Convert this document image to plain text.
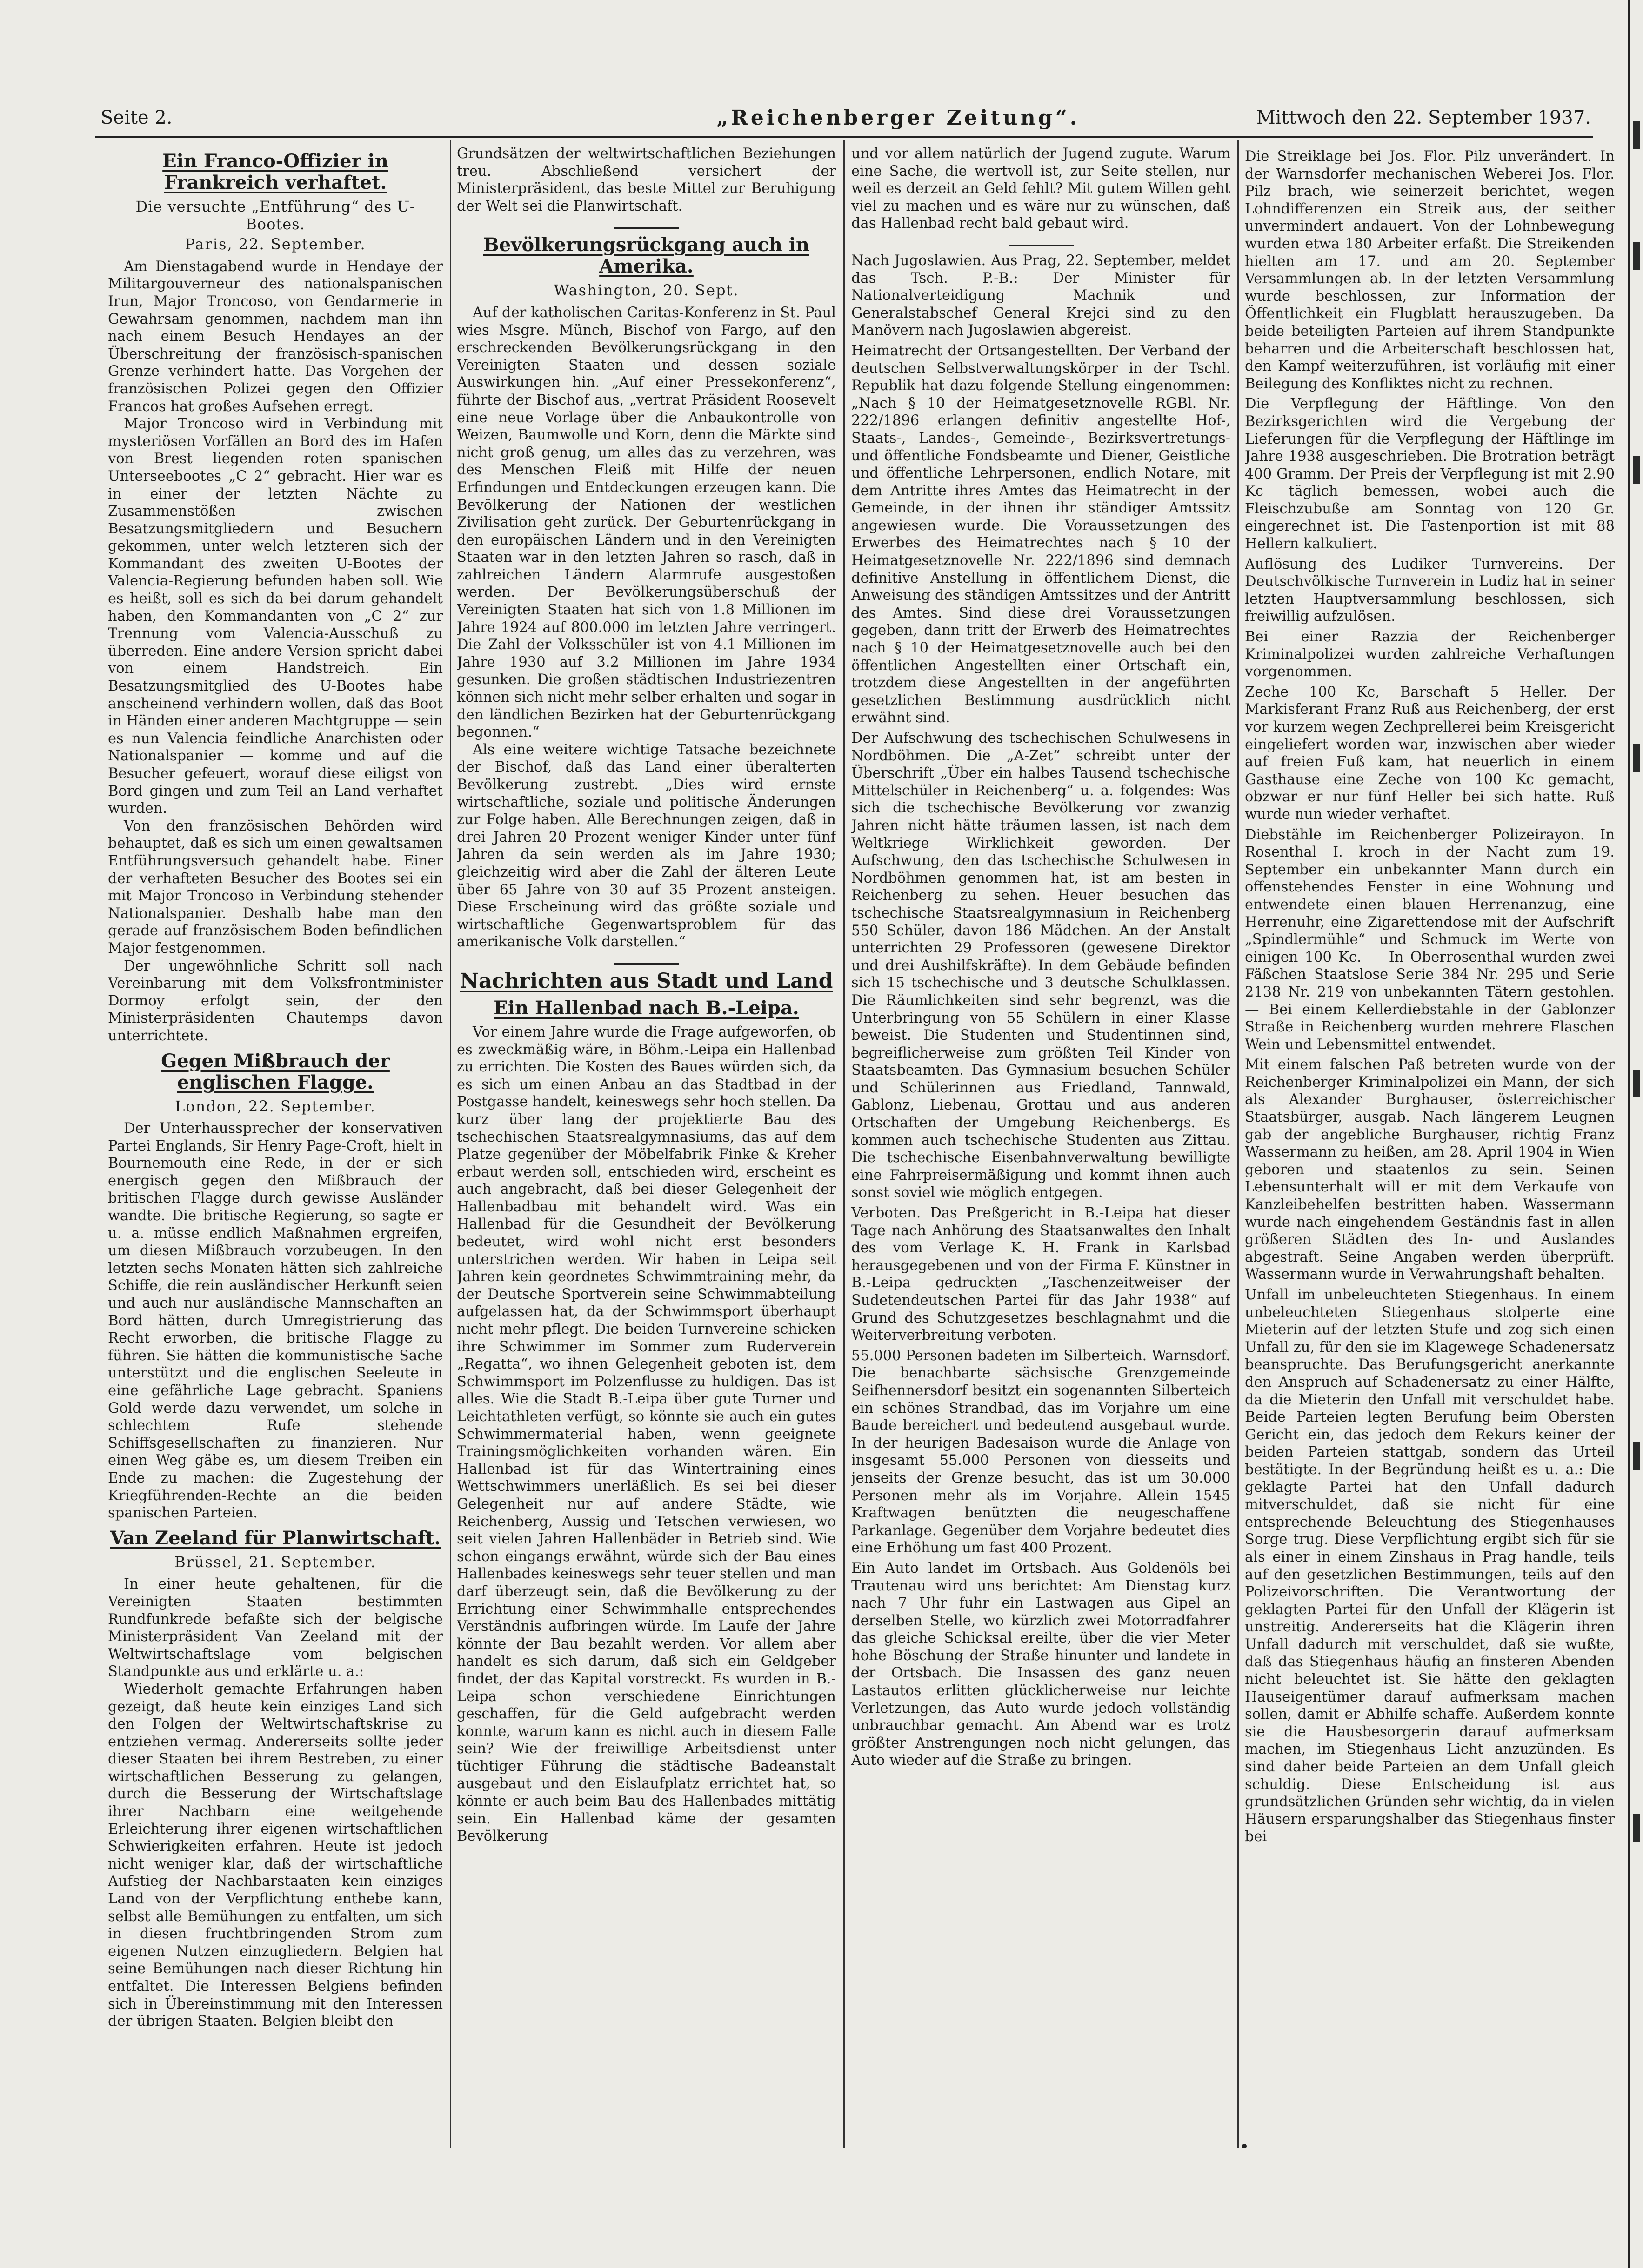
Seite 2.	„Reichenberger Zeitung“.	Mittwoch den 22. September 1937.
Ein Franco-Offizier in Frankreich verhaftet.
Die versuchte „Entführung“ des U-Bootes.
Paris, 22. September.

Am Dienstagabend wurde in Hendaye der Militargouverneur des nationalspanischen Irun, Major Troncoso, von Gendarmerie in Gewahrsam genommen, nachdem man ihn nach einem Besuch Hendayes an der Überschreitung der französisch-spanischen Grenze verhindert hatte. Das Vorgehen der französischen Polizei gegen den Offizier Francos hat großes Aufsehen erregt.

Major Troncoso wird in Verbindung mit mysteriösen Vorfällen an Bord des im Hafen von Brest liegenden roten spanischen Unterseebootes „C 2“ gebracht. Hier war es in einer der letzten Nächte zu Zusammenstößen zwischen Besatzungsmitgliedern und Besuchern gekommen, unter welch letzteren sich der Kommandant des zweiten U-Bootes der Valencia-Regierung befunden haben soll. Wie es heißt, soll es sich da bei darum gehandelt haben, den Kommandanten von „C 2“ zur Trennung vom Valencia-Ausschuß zu überreden. Eine andere Version spricht dabei von einem Handstreich. Ein Besatzungsmitglied des U-Bootes habe anscheinend verhindern wollen, daß das Boot in Händen einer anderen Machtgruppe — sein es nun Valencia feindliche Anarchisten oder Nationalspanier — komme und auf die Besucher gefeuert, worauf diese eiligst von Bord gingen und zum Teil an Land verhaftet wurden.

Von den französischen Behörden wird behauptet, daß es sich um einen gewaltsamen Entführungsversuch gehandelt habe. Einer der verhafteten Besucher des Bootes sei ein mit Major Troncoso in Verbindung stehender Nationalspanier. Deshalb habe man den gerade auf französischem Boden befindlichen Major festgenommen.

Der ungewöhnliche Schritt soll nach Vereinbarung mit dem Volksfrontminister Dormoy erfolgt sein, der den Ministerpräsidenten Chautemps davon unterrichtete.

Gegen Mißbrauch der englischen Flagge.
London, 22. September.

Der Unterhaussprecher der konservativen Partei Englands, Sir Henry Page-Croft, hielt in Bournemouth eine Rede, in der er sich energisch gegen den Mißbrauch der britischen Flagge durch gewisse Ausländer wandte. Die britische Regierung, so sagte er u. a. müsse endlich Maßnahmen ergreifen, um diesen Mißbrauch vorzubeugen. In den letzten sechs Monaten hätten sich zahlreiche Schiffe, die rein ausländischer Herkunft seien und auch nur ausländische Mannschaften an Bord hätten, durch Umregistrierung das Recht erworben, die britische Flagge zu führen. Sie hätten die kommunistische Sache unterstützt und die englischen Seeleute in eine gefährliche Lage gebracht. Spaniens Gold werde dazu verwendet, um solche in schlechtem Rufe stehende Schiffsgesellschaften zu finanzieren. Nur einen Weg gäbe es, um diesem Treiben ein Ende zu machen: die Zugestehung der Kriegführenden-Rechte an die beiden spanischen Parteien.

Van Zeeland für Planwirtschaft.
Brüssel, 21. September.

In einer heute gehaltenen, für die Vereinigten Staaten bestimmten Rundfunkrede befaßte sich der belgische Ministerpräsident Van Zeeland mit der Weltwirtschaftslage vom belgischen Standpunkte aus und erklärte u. a.:

Wiederholt gemachte Erfahrungen haben gezeigt, daß heute kein einziges Land sich den Folgen der Weltwirtschaftskrise zu entziehen vermag. Andererseits sollte jeder dieser Staaten bei ihrem Bestreben, zu einer wirtschaftlichen Besserung zu gelangen, durch die Besserung der Wirtschaftslage ihrer Nachbarn eine weitgehende Erleichterung ihrer eigenen wirtschaftlichen Schwierigkeiten erfahren. Heute ist jedoch nicht weniger klar, daß der wirtschaftliche Aufstieg der Nachbarstaaten kein einziges Land von der Verpflichtung enthebe kann, selbst alle Bemühungen zu entfalten, um sich in diesen fruchtbringenden Strom zum eigenen Nutzen einzugliedern. Belgien hat seine Bemühungen nach dieser Richtung hin entfaltet. Die Interessen Belgiens befinden sich in Übereinstimmung mit den Interessen der übrigen Staaten. Belgien bleibt den

Grundsätzen der weltwirtschaftlichen Beziehungen treu. Abschließend versichert der Ministerpräsident, das beste Mittel zur Beruhigung der Welt sei die Planwirtschaft.

Bevölkerungsrückgang auch in Amerika.
Washington, 20. Sept.

Auf der katholischen Caritas-Konferenz in St. Paul wies Msgre. Münch, Bischof von Fargo, auf den erschreckenden Bevölkerungsrückgang in den Vereinigten Staaten und dessen soziale Auswirkungen hin. „Auf einer Pressekonferenz“, führte der Bischof aus, „vertrat Präsident Roosevelt eine neue Vorlage über die Anbaukontrolle von Weizen, Baumwolle und Korn, denn die Märkte sind nicht groß genug, um alles das zu verzehren, was des Menschen Fleiß mit Hilfe der neuen Erfindungen und Entdeckungen erzeugen kann. Die Bevölkerung der Nationen der westlichen Zivilisation geht zurück. Der Geburtenrückgang in den europäischen Ländern und in den Vereinigten Staaten war in den letzten Jahren so rasch, daß in zahlreichen Ländern Alarmrufe ausgestoßen werden. Der Bevölkerungsüberschuß der Vereinigten Staaten hat sich von 1.8 Millionen im Jahre 1924 auf 800.000 im letzten Jahre verringert. Die Zahl der Volksschüler ist von 4.1 Millionen im Jahre 1930 auf 3.2 Millionen im Jahre 1934 gesunken. Die großen städtischen Industriezentren können sich nicht mehr selber erhalten und sogar in den ländlichen Bezirken hat der Geburtenrückgang begonnen.“

Als eine weitere wichtige Tatsache bezeichnete der Bischof, daß das Land einer überalterten Bevölkerung zustrebt. „Dies wird ernste wirtschaftliche, soziale und politische Änderungen zur Folge haben. Alle Berechnungen zeigen, daß in drei Jahren 20 Prozent weniger Kinder unter fünf Jahren da sein werden als im Jahre 1930; gleichzeitig wird aber die Zahl der älteren Leute über 65 Jahre von 30 auf 35 Prozent ansteigen. Diese Erscheinung wird das größte soziale und wirtschaftliche Gegenwartsproblem für das amerikanische Volk darstellen.“

Nachrichten aus Stadt und Land
Ein Hallenbad nach B.-Leipa.

Vor einem Jahre wurde die Frage aufgeworfen, ob es zweckmäßig wäre, in Böhm.-Leipa ein Hallenbad zu errichten. Die Kosten des Baues würden sich, da es sich um einen Anbau an das Stadtbad in der Postgasse handelt, keineswegs sehr hoch stellen. Da kurz über lang der projektierte Bau des tschechischen Staatsrealgymnasiums, das auf dem Platze gegenüber der Möbelfabrik Finke & Kreher erbaut werden soll, entschieden wird, erscheint es auch angebracht, daß bei dieser Gelegenheit der Hallenbadbau mit behandelt wird. Was ein Hallenbad für die Gesundheit der Bevölkerung bedeutet, wird wohl nicht erst besonders unterstrichen werden. Wir haben in Leipa seit Jahren kein geordnetes Schwimmtraining mehr, da der Deutsche Sportverein seine Schwimmabteilung aufgelassen hat, da der Schwimmsport überhaupt nicht mehr pflegt. Die beiden Turnvereine schicken ihre Schwimmer im Sommer zum Ruderverein „Regatta“, wo ihnen Gelegenheit geboten ist, dem Schwimmsport im Polzenflusse zu huldigen. Das ist alles. Wie die Stadt B.-Leipa über gute Turner und Leichtathleten verfügt, so könnte sie auch ein gutes Schwimmermaterial haben, wenn geeignete Trainingsmöglichkeiten vorhanden wären. Ein Hallenbad ist für das Wintertraining eines Wettschwimmers unerläßlich. Es sei bei dieser Gelegenheit nur auf andere Städte, wie Reichenberg, Aussig und Tetschen verwiesen, wo seit vielen Jahren Hallenbäder in Betrieb sind. Wie schon eingangs erwähnt, würde sich der Bau eines Hallenbades keineswegs sehr teuer stellen und man darf überzeugt sein, daß die Bevölkerung zu der Errichtung einer Schwimmhalle entsprechendes Verständnis aufbringen würde. Im Laufe der Jahre könnte der Bau bezahlt werden. Vor allem aber handelt es sich darum, daß sich ein Geldgeber findet, der das Kapital vorstreckt. Es wurden in B.-Leipa schon verschiedene Einrichtungen geschaffen, für die Geld aufgebracht werden konnte, warum kann es nicht auch in diesem Falle sein? Wie der freiwillige Arbeitsdienst unter tüchtiger Führung die städtische Badeanstalt ausgebaut und den Eislaufplatz errichtet hat, so könnte er auch beim Bau des Hallenbades mittätig sein. Ein Hallenbad käme der gesamten Bevölkerung

und vor allem natürlich der Jugend zugute. Warum eine Sache, die wertvoll ist, zur Seite stellen, nur weil es derzeit an Geld fehlt? Mit gutem Willen geht viel zu machen und es wäre nur zu wünschen, daß das Hallenbad recht bald gebaut wird.

Nach Jugoslawien. Aus Prag, 22. September, meldet das Tsch. P.-B.: Der Minister für Nationalverteidigung Machnik und Generalstabschef General Krejci sind zu den Manövern nach Jugoslawien abgereist.

Heimatrecht der Ortsangestellten. Der Verband der deutschen Selbstverwaltungskörper in der Tschl. Republik hat dazu folgende Stellung eingenommen: „Nach § 10 der Heimatgesetznovelle RGBl. Nr. 222/1896 erlangen definitiv angestellte Hof-, Staats-, Landes-, Gemeinde-, Bezirksvertretungs- und öffentliche Fondsbeamte und Diener, Geistliche und öffentliche Lehrpersonen, endlich Notare, mit dem Antritte ihres Amtes das Heimatrecht in der Gemeinde, in der ihnen ihr ständiger Amtssitz angewiesen wurde. Die Voraussetzungen des Erwerbes des Heimatrechtes nach § 10 der Heimatgesetznovelle Nr. 222/1896 sind demnach definitive Anstellung in öffentlichem Dienst, die Anweisung des ständigen Amtssitzes und der Antritt des Amtes. Sind diese drei Voraussetzungen gegeben, dann tritt der Erwerb des Heimatrechtes nach § 10 der Heimatgesetznovelle auch bei den öffentlichen Angestellten einer Ortschaft ein, trotzdem diese Angestellten in der angeführten gesetzlichen Bestimmung ausdrücklich nicht erwähnt sind.

Der Aufschwung des tschechischen Schulwesens in Nordböhmen. Die „A-Zet“ schreibt unter der Überschrift „Über ein halbes Tausend tschechische Mittelschüler in Reichenberg“ u. a. folgendes: Was sich die tschechische Bevölkerung vor zwanzig Jahren nicht hätte träumen lassen, ist nach dem Weltkriege Wirklichkeit geworden. Der Aufschwung, den das tschechische Schulwesen in Nordböhmen genommen hat, ist am besten in Reichenberg zu sehen. Heuer besuchen das tschechische Staatsrealgymnasium in Reichenberg 550 Schüler, davon 186 Mädchen. An der Anstalt unterrichten 29 Professoren (gewesene Direktor und drei Aushilfskräfte). In dem Gebäude befinden sich 15 tschechische und 3 deutsche Schulklassen. Die Räumlichkeiten sind sehr begrenzt, was die Unterbringung von 55 Schülern in einer Klasse beweist. Die Studenten und Studentinnen sind, begreiflicherweise zum größten Teil Kinder von Staatsbeamten. Das Gymnasium besuchen Schüler und Schülerinnen aus Friedland, Tannwald, Gablonz, Liebenau, Grottau und aus anderen Ortschaften der Umgebung Reichenbergs. Es kommen auch tschechische Studenten aus Zittau. Die tschechische Eisenbahnverwaltung bewilligte eine Fahrpreisermäßigung und kommt ihnen auch sonst soviel wie möglich entgegen.

Verboten. Das Preßgericht in B.-Leipa hat dieser Tage nach Anhörung des Staatsanwaltes den Inhalt des vom Verlage K. H. Frank in Karlsbad herausgegebenen und von der Firma F. Künstner in B.-Leipa gedruckten „Taschenzeitweiser der Sudetendeutschen Partei für das Jahr 1938“ auf Grund des Schutzgesetzes beschlagnahmt und die Weiterverbreitung verboten.

55.000 Personen badeten im Silberteich. Warnsdorf. Die benachbarte sächsische Grenzgemeinde Seifhennersdorf besitzt ein sogenannten Silberteich ein schönes Strandbad, das im Vorjahre um eine Baude bereichert und bedeutend ausgebaut wurde. In der heurigen Badesaison wurde die Anlage von insgesamt 55.000 Personen von diesseits und jenseits der Grenze besucht, das ist um 30.000 Personen mehr als im Vorjahre. Allein 1545 Kraftwagen benützten die neugeschaffene Parkanlage. Gegenüber dem Vorjahre bedeutet dies eine Erhöhung um fast 400 Prozent.

Ein Auto landet im Ortsbach. Aus Goldenöls bei Trautenau wird uns berichtet: Am Dienstag kurz nach 7 Uhr fuhr ein Lastwagen aus Gipel an derselben Stelle, wo kürzlich zwei Motorradfahrer das gleiche Schicksal ereilte, über die vier Meter hohe Böschung der Straße hinunter und landete in der Ortsbach. Die Insassen des ganz neuen Lastautos erlitten glücklicherweise nur leichte Verletzungen, das Auto wurde jedoch vollständig unbrauchbar gemacht. Am Abend war es trotz größter Anstrengungen noch nicht gelungen, das Auto wieder auf die Straße zu bringen.

Die Streiklage bei Jos. Flor. Pilz unverändert. In der Warnsdorfer mechanischen Weberei Jos. Flor. Pilz brach, wie seinerzeit berichtet, wegen Lohndifferenzen ein Streik aus, der seither unvermindert andauert. Von der Lohnbewegung wurden etwa 180 Arbeiter erfaßt. Die Streikenden hielten am 17. und am 20. September Versammlungen ab. In der letzten Versammlung wurde beschlossen, zur Information der Öffentlichkeit ein Flugblatt herauszugeben. Da beide beteiligten Parteien auf ihrem Standpunkte beharren und die Arbeiterschaft beschlossen hat, den Kampf weiterzuführen, ist vorläufig mit einer Beilegung des Konfliktes nicht zu rechnen.

Die Verpflegung der Häftlinge. Von den Bezirksgerichten wird die Vergebung der Lieferungen für die Verpflegung der Häftlinge im Jahre 1938 ausgeschrieben. Die Brotration beträgt 400 Gramm. Der Preis der Verpflegung ist mit 2.90 Kc täglich bemessen, wobei auch die Fleischzubuße am Sonntag von 120 Gr. eingerechnet ist. Die Fastenportion ist mit 88 Hellern kalkuliert.

Auflösung des Ludiker Turnvereins. Der Deutschvölkische Turnverein in Ludiz hat in seiner letzten Hauptversammlung beschlossen, sich freiwillig aufzulösen.

Bei einer Razzia der Reichenberger Kriminalpolizei wurden zahlreiche Verhaftungen vorgenommen.

Zeche 100 Kc, Barschaft 5 Heller. Der Markisferant Franz Ruß aus Reichenberg, der erst vor kurzem wegen Zechprellerei beim Kreisgericht eingeliefert worden war, inzwischen aber wieder auf freien Fuß kam, hat neuerlich in einem Gasthause eine Zeche von 100 Kc gemacht, obzwar er nur fünf Heller bei sich hatte. Ruß wurde nun wieder verhaftet.

Diebstähle im Reichenberger Polizeirayon. In Rosenthal I. kroch in der Nacht zum 19. September ein unbekannter Mann durch ein offenstehendes Fenster in eine Wohnung und entwendete einen blauen Herrenanzug, eine Herrenuhr, eine Zigarettendose mit der Aufschrift „Spindlermühle“ und Schmuck im Werte von einigen 100 Kc. — In Oberrosenthal wurden zwei Fäßchen Staatslose Serie 384 Nr. 295 und Serie 2138 Nr. 219 von unbekannten Tätern gestohlen. — Bei einem Kellerdiebstahle in der Gablonzer Straße in Reichenberg wurden mehrere Flaschen Wein und Lebensmittel entwendet.

Mit einem falschen Paß betreten wurde von der Reichenberger Kriminalpolizei ein Mann, der sich als Alexander Burghauser, österreichischer Staatsbürger, ausgab. Nach längerem Leugnen gab der angebliche Burghauser, richtig Franz Wassermann zu heißen, am 28. April 1904 in Wien geboren und staatenlos zu sein. Seinen Lebensunterhalt will er mit dem Verkaufe von Kanzleibehelfen bestritten haben. Wassermann wurde nach eingehendem Geständnis fast in allen größeren Städten des In- und Auslandes abgestraft. Seine Angaben werden überprüft. Wassermann wurde in Verwahrungshaft behalten.

Unfall im unbeleuchteten Stiegenhaus. In einem unbeleuchteten Stiegenhaus stolperte eine Mieterin auf der letzten Stufe und zog sich einen Unfall zu, für den sie im Klagewege Schadenersatz beanspruchte. Das Berufungsgericht anerkannte den Anspruch auf Schadenersatz zu einer Hälfte, da die Mieterin den Unfall mit verschuldet habe. Beide Parteien legten Berufung beim Obersten Gericht ein, das jedoch dem Rekurs keiner der beiden Parteien stattgab, sondern das Urteil bestätigte. In der Begründung heißt es u. a.: Die geklagte Partei hat den Unfall dadurch mitverschuldet, daß sie nicht für eine entsprechende Beleuchtung des Stiegenhauses Sorge trug. Diese Verpflichtung ergibt sich für sie als einer in einem Zinshaus in Prag handle, teils auf den gesetzlichen Bestimmungen, teils auf den Polizeivorschriften. Die Verantwortung der geklagten Partei für den Unfall der Klägerin ist unstreitig. Andererseits hat die Klägerin ihren Unfall dadurch mit verschuldet, daß sie wußte, daß das Stiegenhaus häufig an finsteren Abenden nicht beleuchtet ist. Sie hätte den geklagten Hauseigentümer darauf aufmerksam machen sollen, damit er Abhilfe schaffe. Außerdem konnte sie die Hausbesorgerin darauf aufmerksam machen, im Stiegenhaus Licht anzuzünden. Es sind daher beide Parteien an dem Unfall gleich schuldig. Diese Entscheidung ist aus grundsätzlichen Gründen sehr wichtig, da in vielen Häusern ersparungshalber das Stiegenhaus finster bei
